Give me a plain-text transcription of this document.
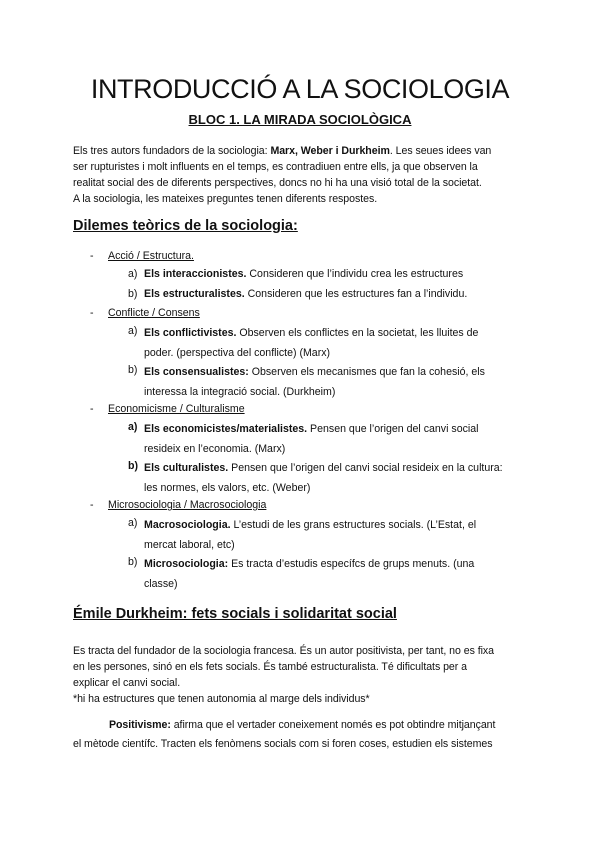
INTRODUCCIÓ A LA SOCIOLOGIA
BLOC 1. LA MIRADA SOCIOLÒGICA
Els tres autors fundadors de la sociologia: Marx, Weber i Durkheim. Les seues idees van
ser rupturistes i molt influents en el temps, es contradiuen entre ells, ja que observen la
realitat social des de diferents perspectives, doncs no hi ha una visió total de la societat.
A la sociologia, les mateixes preguntes tenen diferents respostes.
Dilemes teòrics de la sociologia:
- Acció / Estructura.
a) Els interaccionistes. Consideren que l’individu crea les estructures
b) Els estructuralistes. Consideren que les estructures fan a l’individu.
- Conflicte / Consens
a) Els conflictivistes. Observen els conflictes en la societat, les lluites de
poder. (perspectiva del conflicte) (Marx)
b) Els consensualistes: Observen els mecanismes que fan la cohesió, els
interessa la integració social. (Durkheim)
- Economicisme / Culturalisme
a) Els economicistes/materialistes. Pensen que l’origen del canvi social
resideix en l’economia. (Marx)
b) Els culturalistes. Pensen que l’origen del canvi social resideix en la cultura:
les normes, els valors, etc. (Weber)
- Microsociologia / Macrosociologia
a) Macrosociologia. L’estudi de les grans estructures socials. (L’Estat, el
mercat laboral, etc)
b) Microsociologia: Es tracta d’estudis específcs de grups menuts. (una
classe)
Émile Durkheim: fets socials i solidaritat social
Es tracta del fundador de la sociologia francesa. És un autor positivista, per tant, no es fixa
en les persones, sinó en els fets socials. És també estructuralista. Té dificultats per a
explicar el canvi social.
*hi ha estructures que tenen autonomia al marge dels individus*
Positivisme: afirma que el vertader coneixement només es pot obtindre mitjançant
el mètode científc. Tracten els fenòmens socials com si foren coses, estudien els sistemes
